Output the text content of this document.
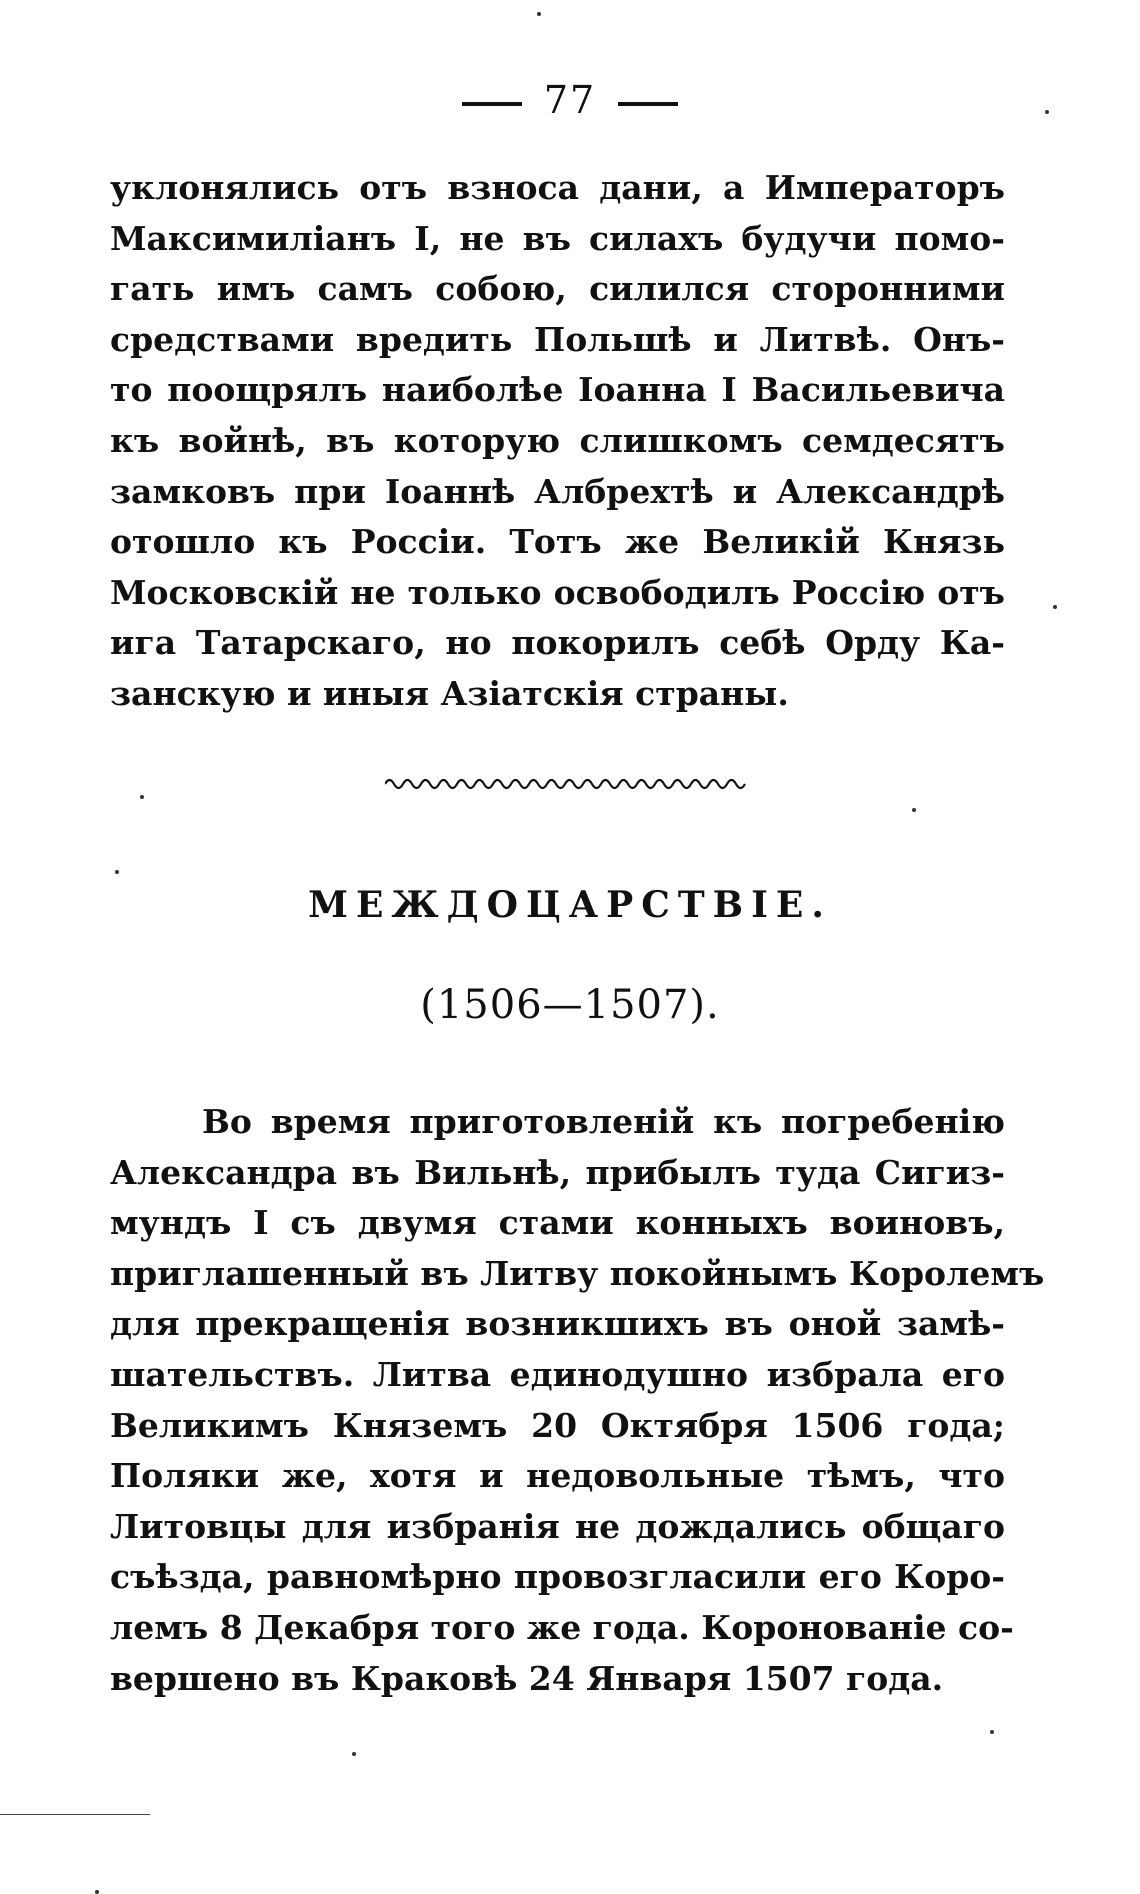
77
уклонялись отъ взноса дани, а Императоръ
Максимиліанъ I, не въ силахъ будучи помо-
гать имъ самъ собою, силился сторонними
средствами вредить Польшѣ и Литвѣ. Онъ-
то поощрялъ наиболѣе Іоанна I Васильевича
къ войнѣ, въ которую слишкомъ семдесятъ
замковъ при Іоаннѣ Албрехтѣ и Александрѣ
отошло къ Россіи. Тотъ же Великій Князь
Московскій не только освободилъ Россію отъ
ига Татарскаго, но покорилъ себѣ Орду Ка-
занскую и иныя Азіатскія страны.
МЕЖДОЦАРСТВІЕ.
(1506—1507).
Во время приготовленій къ погребенію
Александра въ Вильнѣ, прибылъ туда Сигиз-
мундъ I съ двумя стами конныхъ воиновъ,
приглашенный въ Литву покойнымъ Королемъ
для прекращенія возникшихъ въ оной замѣ-
шательствъ. Литва единодушно избрала его
Великимъ Княземъ 20 Октября 1506 года;
Поляки же, хотя и недовольные тѣмъ, что
Литовцы для избранія не дождались общаго
съѣзда, равномѣрно провозгласили его Коро-
лемъ 8 Декабря того же года. Коронованіе со-
вершено въ Краковѣ 24 Января 1507 года.
